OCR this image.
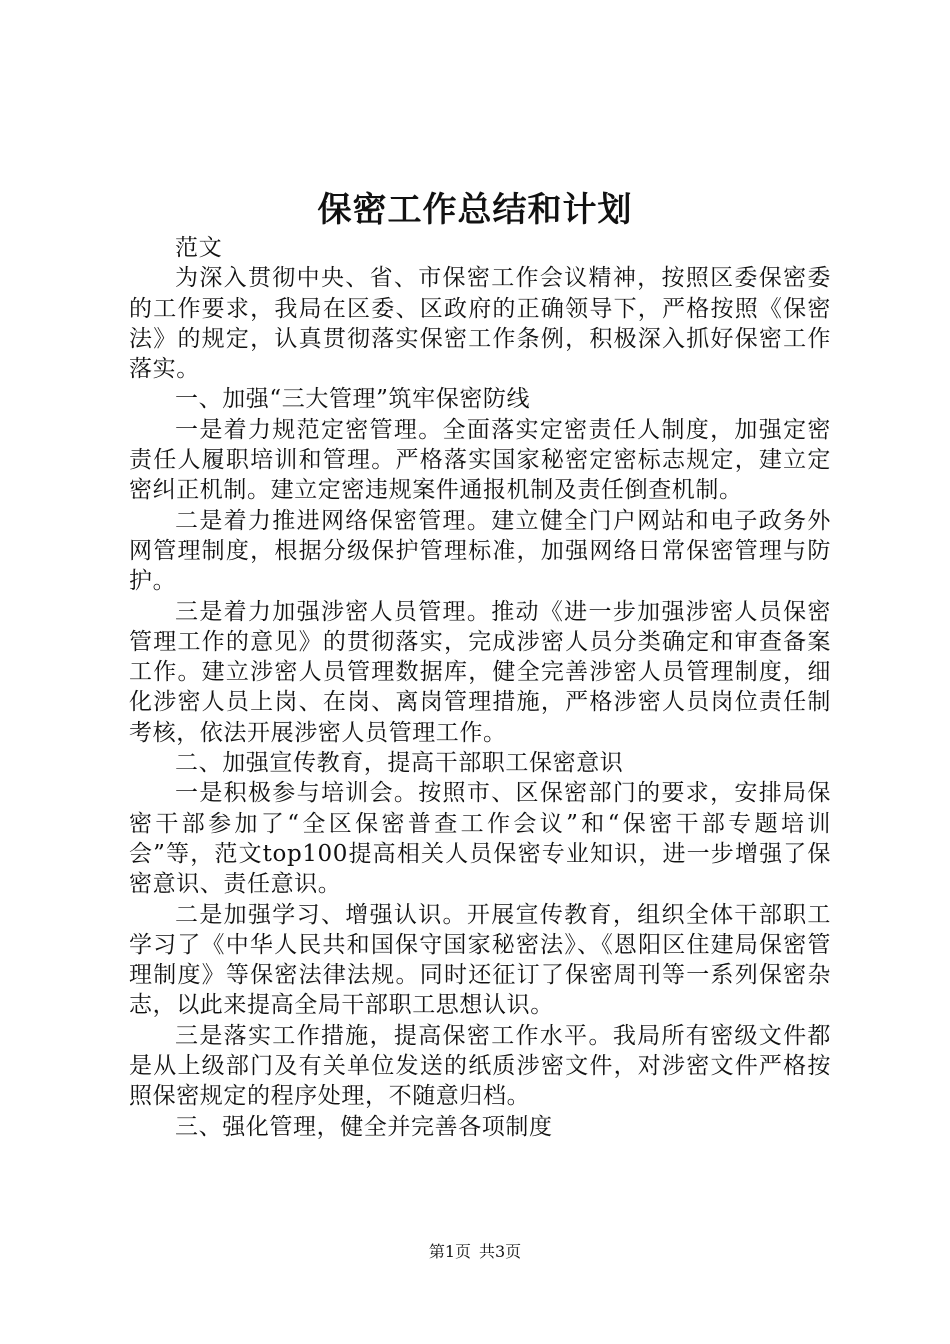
保密工作总结和计划

范文

为深入贯彻中央、省、市保密工作会议精神，按照区委保密委的工作要求，我局在区委、区政府的正确领导下，严格按照《保密法》的规定，认真贯彻落实保密工作条例，积极深入抓好保密工作落实。

一、加强“三大管理”筑牢保密防线

一是着力规范定密管理。全面落实定密责任人制度，加强定密责任人履职培训和管理。严格落实国家秘密定密标志规定，建立定密纠正机制。建立定密违规案件通报机制及责任倒查机制。

二是着力推进网络保密管理。建立健全门户网站和电子政务外网管理制度，根据分级保护管理标准，加强网络日常保密管理与防护。

三是着力加强涉密人员管理。推动《进一步加强涉密人员保密管理工作的意见》的贯彻落实，完成涉密人员分类确定和审查备案工作。建立涉密人员管理数据库，健全完善涉密人员管理制度，细化涉密人员上岗、在岗、离岗管理措施，严格涉密人员岗位责任制考核，依法开展涉密人员管理工作。

二、加强宣传教育，提高干部职工保密意识

一是积极参与培训会。按照市、区保密部门的要求，安排局保密干部参加了“全区保密普查工作会议”和“保密干部专题培训会”等，范文top100提高相关人员保密专业知识，进一步增强了保密意识、责任意识。

二是加强学习、增强认识。开展宣传教育，组织全体干部职工学习了《中华人民共和国保守国家秘密法》、《恩阳区住建局保密管理制度》等保密法律法规。同时还征订了保密周刊等一系列保密杂志，以此来提高全局干部职工思想认识。

三是落实工作措施，提高保密工作水平。我局所有密级文件都是从上级部门及有关单位发送的纸质涉密文件，对涉密文件严格按照保密规定的程序处理，不随意归档。

三、强化管理，健全并完善各项制度

第1页 共3页
